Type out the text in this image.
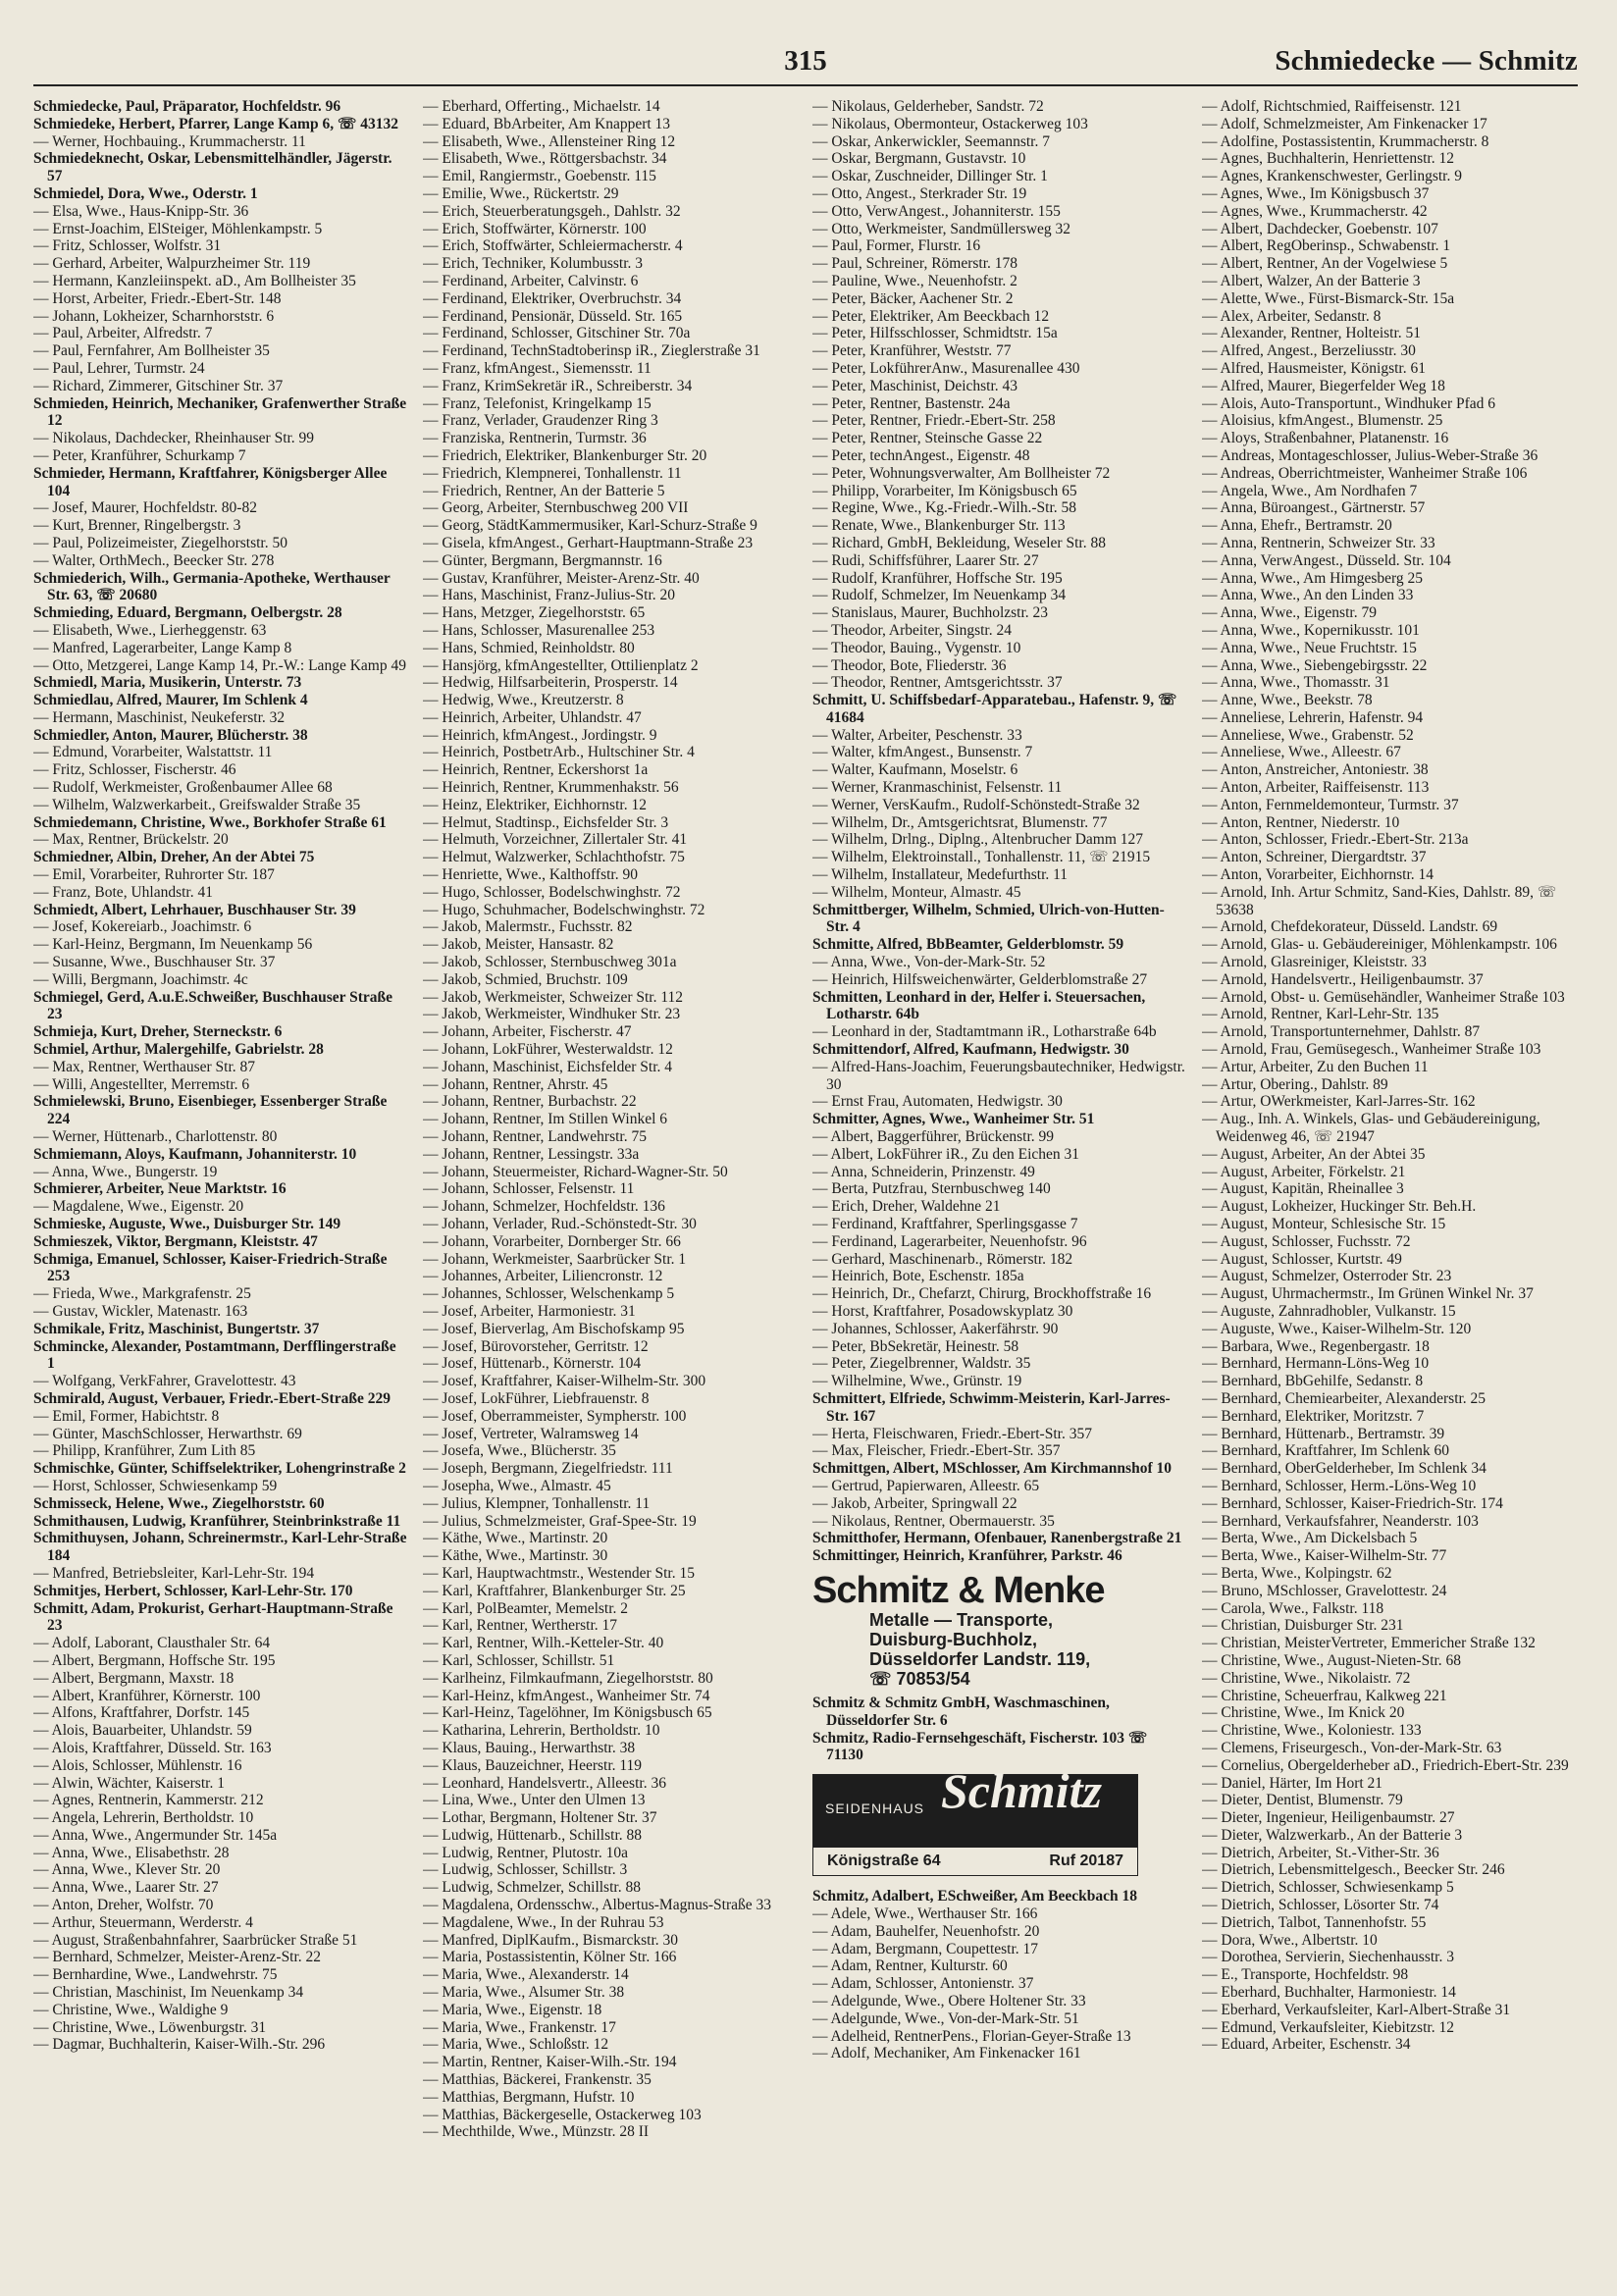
315	Schmiedecke — Schmitz
Schmiedecke, Paul, Präparator, Hochfeldstr. 96
Schmiedeke, Herbert, Pfarrer, Lange Kamp 6, ☏ 43132
— Werner, Hochbauing., Krummacherstr. 11
Schmiedeknecht, Oskar, Lebensmittelhändler, Jägerstr. 57
Schmiedel, Dora, Wwe., Oderstr. 1
— Elsa, Wwe., Haus-Knipp-Str. 36
— Ernst-Joachim, ElSteiger, Möhlenkampstr. 5
— Fritz, Schlosser, Wolfstr. 31
— Gerhard, Arbeiter, Walpurzheimer Str. 119
— Hermann, Kanzleiinspekt. aD., Am Bollheister 35
— Horst, Arbeiter, Friedr.-Ebert-Str. 148
— Johann, Lokheizer, Scharnhorststr. 6
— Paul, Arbeiter, Alfredstr. 7
— Paul, Fernfahrer, Am Bollheister 35
— Paul, Lehrer, Turmstr. 24
— Richard, Zimmerer, Gitschiner Str. 37
Schmieden, Heinrich, Mechaniker, Grafenwerther Straße 12
— Nikolaus, Dachdecker, Rheinhauser Str. 99
— Peter, Kranführer, Schurkamp 7
Schmieder, Hermann, Kraftfahrer, Königsberger Allee 104
— Josef, Maurer, Hochfeldstr. 80-82
— Kurt, Brenner, Ringelbergstr. 3
— Paul, Polizeimeister, Ziegelhorststr. 50
— Walter, OrthMech., Beecker Str. 278
Schmiederich, Wilh., Germania-Apotheke, Werthauser Str. 63, ☏ 20680
Schmieding, Eduard, Bergmann, Oelbergstr. 28
— Elisabeth, Wwe., Lierheggenstr. 63
— Manfred, Lagerarbeiter, Lange Kamp 8
— Otto, Metzgerei, Lange Kamp 14, Pr.-W.: Lange Kamp 49
Schmiedl, Maria, Musikerin, Unterstr. 73
Schmiedlau, Alfred, Maurer, Im Schlenk 4
— Hermann, Maschinist, Neukeferstr. 32
Schmiedler, Anton, Maurer, Blücherstr. 38
— Edmund, Vorarbeiter, Walstattstr. 11
— Fritz, Schlosser, Fischerstr. 46
— Rudolf, Werkmeister, Großenbaumer Allee 68
— Wilhelm, Walzwerkarbeit., Greifswalder Straße 35
Schmiedemann, Christine, Wwe., Borkhofer Straße 61
— Max, Rentner, Brückelstr. 20
Schmiedner, Albin, Dreher, An der Abtei 75
— Emil, Vorarbeiter, Ruhrorter Str. 187
— Franz, Bote, Uhlandstr. 41
Schmiedt, Albert, Lehrhauer, Buschhauser Str. 39
— Josef, Kokereiarb., Joachimstr. 6
— Karl-Heinz, Bergmann, Im Neuenkamp 56
— Susanne, Wwe., Buschhauser Str. 37
— Willi, Bergmann, Joachimstr. 4c
Schmiegel, Gerd, A.u.E.Schweißer, Buschhauser Straße 23
Schmieja, Kurt, Dreher, Sterneckstr. 6
Schmiel, Arthur, Malergehilfe, Gabrielstr. 28
— Max, Rentner, Werthauser Str. 87
— Willi, Angestellter, Merremstr. 6
Schmielewski, Bruno, Eisenbieger, Essenberger Straße 224
— Werner, Hüttenarb., Charlottenstr. 80
Schmiemann, Aloys, Kaufmann, Johanniterstr. 10
— Anna, Wwe., Bungerstr. 19
Schmierer, Arbeiter, Neue Marktstr. 16
— Magdalene, Wwe., Eigenstr. 20
Schmieske, Auguste, Wwe., Duisburger Str. 149
Schmieszek, Viktor, Bergmann, Kleiststr. 47
Schmiga, Emanuel, Schlosser, Kaiser-Friedrich-Straße 253
— Frieda, Wwe., Markgrafenstr. 25
— Gustav, Wickler, Matenastr. 163
Schmikale, Fritz, Maschinist, Bungertstr. 37
Schmincke, Alexander, Postamtmann, Derfflingerstraße 1
— Wolfgang, VerkFahrer, Gravelottestr. 43
Schmirald, August, Verbauer, Friedr.-Ebert-Straße 229
— Emil, Former, Habichtstr. 8
— Günter, MaschSchlosser, Herwarthstr. 69
— Philipp, Kranführer, Zum Lith 85
Schmischke, Günter, Schiffselektriker, Lohengrinstraße 2
— Horst, Schlosser, Schwiesenkamp 59
Schmisseck, Helene, Wwe., Ziegelhorststr. 60
Schmithausen, Ludwig, Kranführer, Steinbrinkstraße 11
Schmithuysen, Johann, Schreinermstr., Karl-Lehr-Straße 184
— Manfred, Betriebsleiter, Karl-Lehr-Str. 194
Schmitjes, Herbert, Schlosser, Karl-Lehr-Str. 170
Schmitt, Adam, Prokurist, Gerhart-Hauptmann-Straße 23
— Adolf, Laborant, Clausthaler Str. 64
— Albert, Bergmann, Hoffsche Str. 195
— Albert, Bergmann, Maxstr. 18
— Albert, Kranführer, Körnerstr. 100
— Alfons, Kraftfahrer, Dorfstr. 145
— Alois, Bauarbeiter, Uhlandstr. 59
— Alois, Kraftfahrer, Düsseld. Str. 163
— Alois, Schlosser, Mühlenstr. 16
— Alwin, Wächter, Kaiserstr. 1
— Agnes, Rentnerin, Kammerstr. 212
— Angela, Lehrerin, Bertholdstr. 10
— Anna, Wwe., Angermunder Str. 145a
— Anna, Wwe., Elisabethstr. 28
— Anna, Wwe., Klever Str. 20
— Anna, Wwe., Laarer Str. 27
— Anton, Dreher, Wolfstr. 70
— Arthur, Steuermann, Werderstr. 4
— August, Straßenbahnfahrer, Saarbrücker Straße 51
— Bernhard, Schmelzer, Meister-Arenz-Str. 22
— Bernhardine, Wwe., Landwehrstr. 75
— Christian, Maschinist, Im Neuenkamp 34
— Christine, Wwe., Waldighe 9
— Christine, Wwe., Löwenburgstr. 31
— Dagmar, Buchhalterin, Kaiser-Wilh.-Str. 296
— Eberhard, Offerting., Michaelstr. 14
— Eduard, BbArbeiter, Am Knappert 13
— Elisabeth, Wwe., Allensteiner Ring 12
— Elisabeth, Wwe., Röttgersbachstr. 34
— Emil, Rangiermstr., Goebenstr. 115
— Emilie, Wwe., Rückertstr. 29
— Erich, Steuerberatungsgeh., Dahlstr. 32
— Erich, Stoffwärter, Körnerstr. 100
— Erich, Stoffwärter, Schleiermacherstr. 4
— Erich, Techniker, Kolumbusstr. 3
— Ferdinand, Arbeiter, Calvinstr. 6
— Ferdinand, Elektriker, Overbruchstr. 34
— Ferdinand, Pensionär, Düsseld. Str. 165
— Ferdinand, Schlosser, Gitschiner Str. 70a
— Ferdinand, TechnStadtoberinsp iR., Zieglerstraße 31
— Franz, kfmAngest., Siemensstr. 11
— Franz, KrimSekretär iR., Schreiberstr. 34
— Franz, Telefonist, Kringelkamp 15
— Franz, Verlader, Graudenzer Ring 3
— Franziska, Rentnerin, Turmstr. 36
— Friedrich, Elektriker, Blankenburger Str. 20
— Friedrich, Klempnerei, Tonhallenstr. 11
— Friedrich, Rentner, An der Batterie 5
— Georg, Arbeiter, Sternbuschweg 200 VII
— Georg, StädtKammermusiker, Karl-Schurz-Straße 9
— Gisela, kfmAngest., Gerhart-Hauptmann-Straße 23
— Günter, Bergmann, Bergmannstr. 16
— Gustav, Kranführer, Meister-Arenz-Str. 40
— Hans, Maschinist, Franz-Julius-Str. 20
— Hans, Metzger, Ziegelhorststr. 65
— Hans, Schlosser, Masurenallee 253
— Hans, Schmied, Reinholdstr. 80
— Hansjörg, kfmAngestellter, Ottilienplatz 2
— Hedwig, Hilfsarbeiterin, Prosperstr. 14
— Hedwig, Wwe., Kreutzerstr. 8
— Heinrich, Arbeiter, Uhlandstr. 47
— Heinrich, kfmAngest., Jordingstr. 9
— Heinrich, PostbetrArb., Hultschiner Str. 4
— Heinrich, Rentner, Eckershorst 1a
— Heinrich, Rentner, Krummenhakstr. 56
— Heinz, Elektriker, Eichhornstr. 12
— Helmut, Stadtinsp., Eichsfelder Str. 3
— Helmuth, Vorzeichner, Zillertaler Str. 41
— Helmut, Walzwerker, Schlachthofstr. 75
— Henriette, Wwe., Kalthoffstr. 90
— Hugo, Schlosser, Bodelschwinghstr. 72
— Hugo, Schuhmacher, Bodelschwinghstr. 72
— Jakob, Malermstr., Fuchsstr. 82
— Jakob, Meister, Hansastr. 82
— Jakob, Schlosser, Sternbuschweg 301a
— Jakob, Schmied, Bruchstr. 109
— Jakob, Werkmeister, Schweizer Str. 112
— Jakob, Werkmeister, Windhuker Str. 23
— Johann, Arbeiter, Fischerstr. 47
— Johann, LokFührer, Westerwaldstr. 12
— Johann, Maschinist, Eichsfelder Str. 4
— Johann, Rentner, Ahrstr. 45
— Johann, Rentner, Burbachstr. 22
— Johann, Rentner, Im Stillen Winkel 6
— Johann, Rentner, Landwehrstr. 75
— Johann, Rentner, Lessingstr. 33a
— Johann, Steuermeister, Richard-Wagner-Str. 50
— Johann, Schlosser, Felsenstr. 11
— Johann, Schmelzer, Hochfeldstr. 136
— Johann, Verlader, Rud.-Schönstedt-Str. 30
— Johann, Vorarbeiter, Dornberger Str. 66
— Johann, Werkmeister, Saarbrücker Str. 1
— Johannes, Arbeiter, Liliencronstr. 12
— Johannes, Schlosser, Welschenkamp 5
— Josef, Arbeiter, Harmoniestr. 31
— Josef, Bierverlag, Am Bischofskamp 95
— Josef, Bürovorsteher, Gerritstr. 12
— Josef, Hüttenarb., Körnerstr. 104
— Josef, Kraftfahrer, Kaiser-Wilhelm-Str. 300
— Josef, LokFührer, Liebfrauenstr. 8
— Josef, Oberrammeister, Sympherstr. 100
— Josef, Vertreter, Walramsweg 14
— Josefa, Wwe., Blücherstr. 35
— Joseph, Bergmann, Ziegelfriedstr. 111
— Josepha, Wwe., Almastr. 45
— Julius, Klempner, Tonhallenstr. 11
— Julius, Schmelzmeister, Graf-Spee-Str. 19
— Käthe, Wwe., Martinstr. 20
— Käthe, Wwe., Martinstr. 30
— Karl, Hauptwachtmstr., Westender Str. 15
— Karl, Kraftfahrer, Blankenburger Str. 25
— Karl, PolBeamter, Memelstr. 2
— Karl, Rentner, Wertherstr. 17
— Karl, Rentner, Wilh.-Ketteler-Str. 40
— Karl, Schlosser, Schillstr. 51
— Karlheinz, Filmkaufmann, Ziegelhorststr. 80
— Karl-Heinz, kfmAngest., Wanheimer Str. 74
— Karl-Heinz, Tagelöhner, Im Königsbusch 65
— Katharina, Lehrerin, Bertholdstr. 10
— Klaus, Bauing., Herwarthstr. 38
— Klaus, Bauzeichner, Heerstr. 119
— Leonhard, Handelsvertr., Alleestr. 36
— Lina, Wwe., Unter den Ulmen 13
— Lothar, Bergmann, Holtener Str. 37
— Ludwig, Hüttenarb., Schillstr. 88
— Ludwig, Rentner, Plutostr. 10a
— Ludwig, Schlosser, Schillstr. 3
— Ludwig, Schmelzer, Schillstr. 88
— Magdalena, Ordensschw., Albertus-Magnus-Straße 33
— Magdalene, Wwe., In der Ruhrau 53
— Manfred, DiplKaufm., Bismarckstr. 30
— Maria, Postassistentin, Kölner Str. 166
— Maria, Wwe., Alexanderstr. 14
— Maria, Wwe., Alsumer Str. 38
— Maria, Wwe., Eigenstr. 18
— Maria, Wwe., Frankenstr. 17
— Maria, Wwe., Schloßstr. 12
— Martin, Rentner, Kaiser-Wilh.-Str. 194
— Matthias, Bäckerei, Frankenstr. 35
— Matthias, Bergmann, Hufstr. 10
— Matthias, Bäckergeselle, Ostackerweg 103
— Mechthilde, Wwe., Münzstr. 28 II
— Nikolaus, Gelderheber, Sandstr. 72
— Nikolaus, Obermonteur, Ostackerweg 103
— Oskar, Ankerwickler, Seemannstr. 7
— Oskar, Bergmann, Gustavstr. 10
— Oskar, Zuschneider, Dillinger Str. 1
— Otto, Angest., Sterkrader Str. 19
— Otto, VerwAngest., Johanniterstr. 155
— Otto, Werkmeister, Sandmüllersweg 32
— Paul, Former, Flurstr. 16
— Paul, Schreiner, Römerstr. 178
— Pauline, Wwe., Neuenhofstr. 2
— Peter, Bäcker, Aachener Str. 2
— Peter, Elektriker, Am Beeckbach 12
— Peter, Hilfsschlosser, Schmidtstr. 15a
— Peter, Kranführer, Weststr. 77
— Peter, LokführerAnw., Masurenallee 430
— Peter, Maschinist, Deichstr. 43
— Peter, Rentner, Bastenstr. 24a
— Peter, Rentner, Friedr.-Ebert-Str. 258
— Peter, Rentner, Steinsche Gasse 22
— Peter, technAngest., Eigenstr. 48
— Peter, Wohnungsverwalter, Am Bollheister 72
— Philipp, Vorarbeiter, Im Königsbusch 65
— Regine, Wwe., Kg.-Friedr.-Wilh.-Str. 58
— Renate, Wwe., Blankenburger Str. 113
— Richard, GmbH, Bekleidung, Weseler Str. 88
— Rudi, Schiffsführer, Laarer Str. 27
— Rudolf, Kranführer, Hoffsche Str. 195
— Rudolf, Schmelzer, Im Neuenkamp 34
— Stanislaus, Maurer, Buchholzstr. 23
— Theodor, Arbeiter, Singstr. 24
— Theodor, Bauing., Vygenstr. 10
— Theodor, Bote, Fliederstr. 36
— Theodor, Rentner, Amtsgerichtsstr. 37
Schmitt, U. Schiffsbedarf-Apparatebau., Hafenstr. 9, ☏ 41684
— Walter, Arbeiter, Peschenstr. 33
— Walter, kfmAngest., Bunsenstr. 7
— Walter, Kaufmann, Moselstr. 6
— Werner, Kranmaschinist, Felsenstr. 11
— Werner, VersKaufm., Rudolf-Schönstedt-Straße 32
— Wilhelm, Dr., Amtsgerichtsrat, Blumenstr. 77
— Wilhelm, Drlng., Diplng., Altenbrucher Damm 127
— Wilhelm, Elektroinstall., Tonhallenstr. 11, ☏ 21915
— Wilhelm, Installateur, Medefurthstr. 11
— Wilhelm, Monteur, Almastr. 45
Schmittberger, Wilhelm, Schmied, Ulrich-von-Hutten-Str. 4
Schmitte, Alfred, BbBeamter, Gelderblomstr. 59
— Anna, Wwe., Von-der-Mark-Str. 52
— Heinrich, Hilfsweichenwärter, Gelderblomstraße 27
Schmitten, Leonhard in der, Helfer i. Steuersachen, Lotharstr. 64b
— Leonhard in der, Stadtamtmann iR., Lotharstraße 64b
Schmittendorf, Alfred, Kaufmann, Hedwigstr. 30
— Alfred-Hans-Joachim, Feuerungsbautechniker, Hedwigstr. 30
— Ernst Frau, Automaten, Hedwigstr. 30
Schmitter, Agnes, Wwe., Wanheimer Str. 51
— Albert, Baggerführer, Brückenstr. 99
— Albert, LokFührer iR., Zu den Eichen 31
— Anna, Schneiderin, Prinzenstr. 49
— Berta, Putzfrau, Sternbuschweg 140
— Erich, Dreher, Waldehne 21
— Ferdinand, Kraftfahrer, Sperlingsgasse 7
— Ferdinand, Lagerarbeiter, Neuenhofstr. 96
— Gerhard, Maschinenarb., Römerstr. 182
— Heinrich, Bote, Eschenstr. 185a
— Heinrich, Dr., Chefarzt, Chirurg, Brockhoffstraße 16
— Horst, Kraftfahrer, Posadowskyplatz 30
— Johannes, Schlosser, Aakerfährstr. 90
— Peter, BbSekretär, Heinestr. 58
— Peter, Ziegelbrenner, Waldstr. 35
— Wilhelmine, Wwe., Grünstr. 19
Schmittert, Elfriede, Schwimm-Meisterin, Karl-Jarres-Str. 167
— Herta, Fleischwaren, Friedr.-Ebert-Str. 357
— Max, Fleischer, Friedr.-Ebert-Str. 357
Schmittgen, Albert, MSchlosser, Am Kirchmannshof 10
— Gertrud, Papierwaren, Alleestr. 65
— Jakob, Arbeiter, Springwall 22
— Nikolaus, Rentner, Obermauerstr. 35
Schmitthofer, Hermann, Ofenbauer, Ranenbergstraße 21
Schmittinger, Heinrich, Kranführer, Parkstr. 46
Schmitz & Menke
Metalle — Transporte,
Duisburg-Buchholz,
Düsseldorfer Landstr. 119,
☏ 70853/54
Schmitz & Schmitz GmbH, Waschmaschinen, Düsseldorfer Str. 6
Schmitz, Radio-Fernsehgeschäft, Fischerstr. 103 ☏ 71130
SEIDENHAUS Schmitz
Königstraße 64	Ruf 20187
Schmitz, Adalbert, ESchweißer, Am Beeckbach 18
— Adele, Wwe., Werthauser Str. 166
— Adam, Bauhelfer, Neuenhofstr. 20
— Adam, Bergmann, Coupettestr. 17
— Adam, Rentner, Kulturstr. 60
— Adam, Schlosser, Antonienstr. 37
— Adelgunde, Wwe., Obere Holtener Str. 33
— Adelgunde, Wwe., Von-der-Mark-Str. 51
— Adelheid, RentnerPens., Florian-Geyer-Straße 13
— Adolf, Mechaniker, Am Finkenacker 161
— Adolf, Richtschmied, Raiffeisenstr. 121
— Adolf, Schmelzmeister, Am Finkenacker 17
— Adolfine, Postassistentin, Krummacherstr. 8
— Agnes, Buchhalterin, Henriettenstr. 12
— Agnes, Krankenschwester, Gerlingstr. 9
— Agnes, Wwe., Im Königsbusch 37
— Agnes, Wwe., Krummacherstr. 42
— Albert, Dachdecker, Goebenstr. 107
— Albert, RegOberinsp., Schwabenstr. 1
— Albert, Rentner, An der Vogelwiese 5
— Albert, Walzer, An der Batterie 3
— Alette, Wwe., Fürst-Bismarck-Str. 15a
— Alex, Arbeiter, Sedanstr. 8
— Alexander, Rentner, Holteistr. 51
— Alfred, Angest., Berzeliusstr. 30
— Alfred, Hausmeister, Königstr. 61
— Alfred, Maurer, Biegerfelder Weg 18
— Alois, Auto-Transportunt., Windhuker Pfad 6
— Aloisius, kfmAngest., Blumenstr. 25
— Aloys, Straßenbahner, Platanenstr. 16
— Andreas, Montageschlosser, Julius-Weber-Straße 36
— Andreas, Oberrichtmeister, Wanheimer Straße 106
— Angela, Wwe., Am Nordhafen 7
— Anna, Büroangest., Gärtnerstr. 57
— Anna, Ehefr., Bertramstr. 20
— Anna, Rentnerin, Schweizer Str. 33
— Anna, VerwAngest., Düsseld. Str. 104
— Anna, Wwe., Am Himgesberg 25
— Anna, Wwe., An den Linden 33
— Anna, Wwe., Eigenstr. 79
— Anna, Wwe., Kopernikusstr. 101
— Anna, Wwe., Neue Fruchtstr. 15
— Anna, Wwe., Siebengebirgsstr. 22
— Anna, Wwe., Thomasstr. 31
— Anne, Wwe., Beekstr. 78
— Anneliese, Lehrerin, Hafenstr. 94
— Anneliese, Wwe., Grabenstr. 52
— Anneliese, Wwe., Alleestr. 67
— Anton, Anstreicher, Antoniestr. 38
— Anton, Arbeiter, Raiffeisenstr. 113
— Anton, Fernmeldemonteur, Turmstr. 37
— Anton, Rentner, Niederstr. 10
— Anton, Schlosser, Friedr.-Ebert-Str. 213a
— Anton, Schreiner, Diergardtstr. 37
— Anton, Vorarbeiter, Eichhornstr. 14
— Arnold, Inh. Artur Schmitz, Sand-Kies, Dahlstr. 89, ☏ 53638
— Arnold, Chefdekorateur, Düsseld. Landstr. 69
— Arnold, Glas- u. Gebäudereiniger, Möhlenkampstr. 106
— Arnold, Glasreiniger, Kleiststr. 33
— Arnold, Handelsvertr., Heiligenbaumstr. 37
— Arnold, Obst- u. Gemüsehändler, Wanheimer Straße 103
— Arnold, Rentner, Karl-Lehr-Str. 135
— Arnold, Transportunternehmer, Dahlstr. 87
— Arnold, Frau, Gemüsegesch., Wanheimer Straße 103
— Artur, Arbeiter, Zu den Buchen 11
— Artur, Obering., Dahlstr. 89
— Artur, OWerkmeister, Karl-Jarres-Str. 162
— Aug., Inh. A. Winkels, Glas- und Gebäudereinigung, Weidenweg 46, ☏ 21947
— August, Arbeiter, An der Abtei 35
— August, Arbeiter, Förkelstr. 21
— August, Kapitän, Rheinallee 3
— August, Lokheizer, Huckinger Str. Beh.H.
— August, Monteur, Schlesische Str. 15
— August, Schlosser, Fuchsstr. 72
— August, Schlosser, Kurtstr. 49
— August, Schmelzer, Osterroder Str. 23
— August, Uhrmachermstr., Im Grünen Winkel Nr. 37
— Auguste, Zahnradhobler, Vulkanstr. 15
— Auguste, Wwe., Kaiser-Wilhelm-Str. 120
— Barbara, Wwe., Regenbergastr. 18
— Bernhard, Hermann-Löns-Weg 10
— Bernhard, BbGehilfe, Sedanstr. 8
— Bernhard, Chemiearbeiter, Alexanderstr. 25
— Bernhard, Elektriker, Moritzstr. 7
— Bernhard, Hüttenarb., Bertramstr. 39
— Bernhard, Kraftfahrer, Im Schlenk 60
— Bernhard, OberGelderheber, Im Schlenk 34
— Bernhard, Schlosser, Herm.-Löns-Weg 10
— Bernhard, Schlosser, Kaiser-Friedrich-Str. 174
— Bernhard, Verkaufsfahrer, Neanderstr. 103
— Berta, Wwe., Am Dickelsbach 5
— Berta, Wwe., Kaiser-Wilhelm-Str. 77
— Berta, Wwe., Kolpingstr. 62
— Bruno, MSchlosser, Gravelottestr. 24
— Carola, Wwe., Falkstr. 118
— Christian, Duisburger Str. 231
— Christian, MeisterVertreter, Emmericher Straße 132
— Christine, Wwe., August-Nieten-Str. 68
— Christine, Wwe., Nikolaistr. 72
— Christine, Scheuerfrau, Kalkweg 221
— Christine, Wwe., Im Knick 20
— Christine, Wwe., Koloniestr. 133
— Clemens, Friseurgesch., Von-der-Mark-Str. 63
— Cornelius, Obergelderheber aD., Friedrich-Ebert-Str. 239
— Daniel, Härter, Im Hort 21
— Dieter, Dentist, Blumenstr. 79
— Dieter, Ingenieur, Heiligenbaumstr. 27
— Dieter, Walzwerkarb., An der Batterie 3
— Dietrich, Arbeiter, St.-Vither-Str. 36
— Dietrich, Lebensmittelgesch., Beecker Str. 246
— Dietrich, Schlosser, Schwiesenkamp 5
— Dietrich, Schlosser, Lösorter Str. 74
— Dietrich, Talbot, Tannenhofstr. 55
— Dora, Wwe., Albertstr. 10
— Dorothea, Servierin, Siechenhausstr. 3
— E., Transporte, Hochfeldstr. 98
— Eberhard, Buchhalter, Harmoniestr. 14
— Eberhard, Verkaufsleiter, Karl-Albert-Straße 31
— Edmund, Verkaufsleiter, Kiebitzstr. 12
— Eduard, Arbeiter, Eschenstr. 34
